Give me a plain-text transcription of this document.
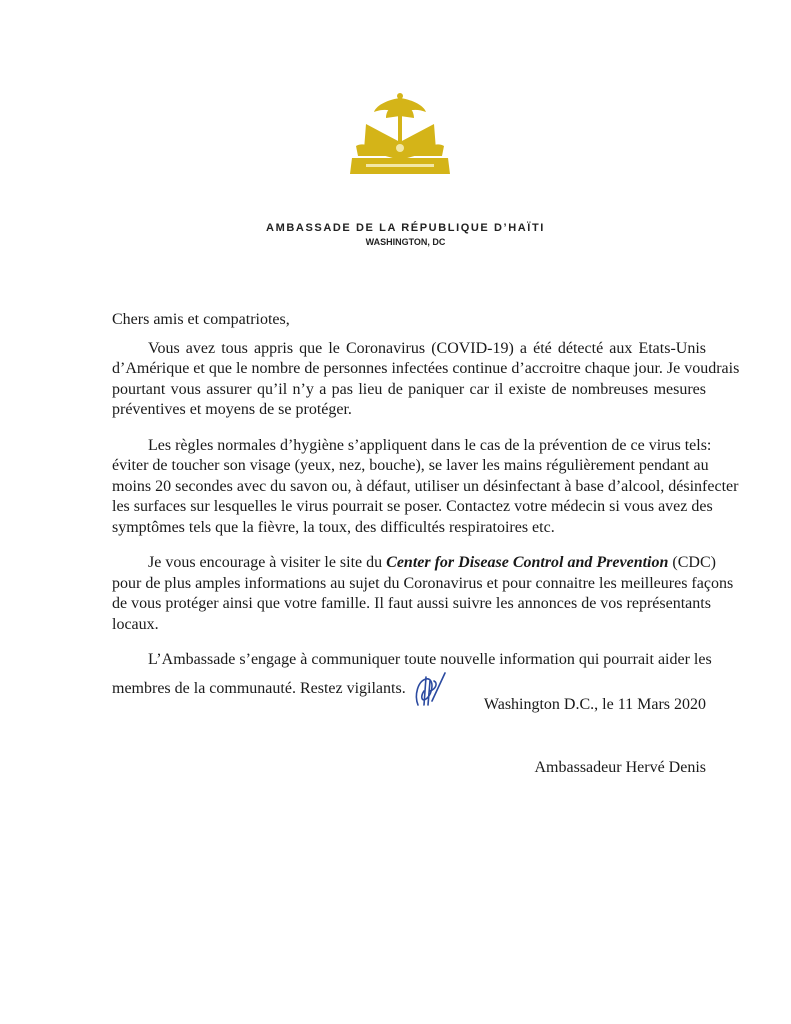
AMBASSADE DE LA RÉPUBLIQUE D’HAÏTI
WASHINGTON, DC
Chers amis et compatriotes,
Vous avez tous appris que le Coronavirus (COVID-19) a été détecté aux Etats-Unis
d’Amérique et que le nombre de personnes infectées continue d’accroitre chaque jour. Je voudrais
pourtant vous assurer qu’il n’y a pas lieu de paniquer car il existe de nombreuses mesures
préventives et moyens de se protéger.
Les règles normales d’hygiène s’appliquent dans le cas de la prévention de ce virus tels:
éviter de toucher son visage (yeux, nez, bouche), se laver les mains régulièrement pendant au
moins 20 secondes avec du savon ou, à défaut, utiliser un désinfectant à base d’alcool, désinfecter
les surfaces sur lesquelles le virus pourrait se poser. Contactez votre médecin si vous avez des
symptômes tels que la fièvre, la toux, des difficultés respiratoires etc.
Je vous encourage à visiter le site du Center for Disease Control and Prevention (CDC)
pour de plus amples informations au sujet du Coronavirus et pour connaitre les meilleures façons
de vous protéger ainsi que votre famille. Il faut aussi suivre les annonces de vos représentants
locaux.
L’Ambassade s’engage à communiquer toute nouvelle information qui pourrait aider les
membres de la communauté. Restez vigilants.
Washington D.C., le 11 Mars 2020
Ambassadeur Hervé Denis
